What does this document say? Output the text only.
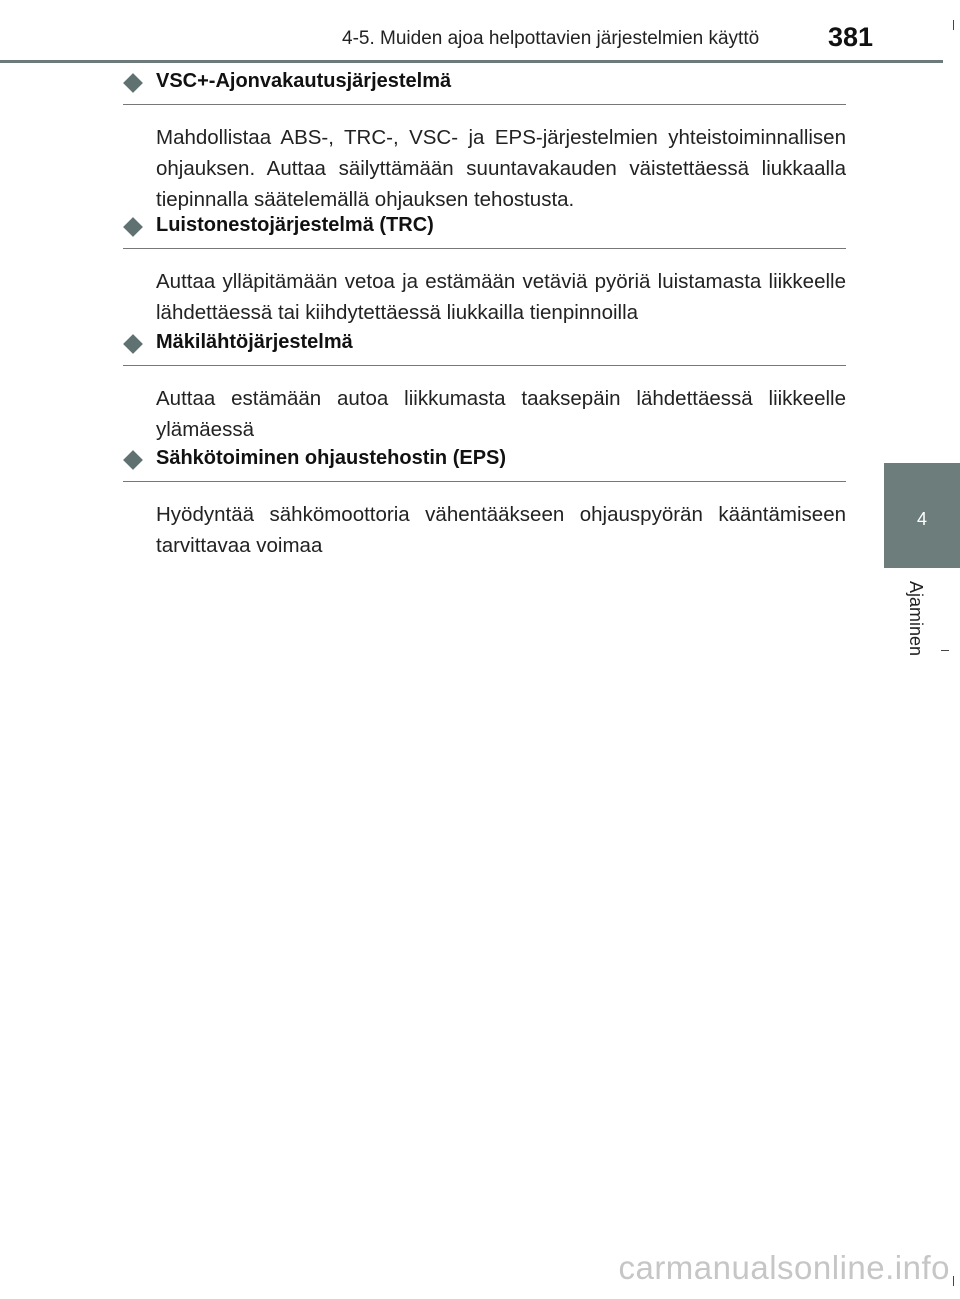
4-5. Muiden ajoa helpottavien järjestelmien käyttö	381
4
Ajaminen
VSC+-Ajonvakautusjärjestelmä

Mahdollistaa ABS-, TRC-, VSC- ja EPS-järjestelmien yhteistoiminnallisen ohjauksen. Auttaa säilyttämään suuntavakauden väistettäessä liukkaalla tiepinnalla säätelemällä ohjauksen tehostusta.

Luistonestojärjestelmä (TRC)

Auttaa ylläpitämään vetoa ja estämään vetäviä pyöriä luistamasta liikkeelle lähdettäessä tai kiihdytettäessä liukkailla tienpinnoilla

Mäkilähtöjärjestelmä

Auttaa estämään autoa liikkumasta taaksepäin lähdettäessä liikkeelle ylämäessä

Sähkötoiminen ohjaustehostin (EPS)

Hyödyntää sähkömoottoria vähentääkseen ohjauspyörän kääntämiseen tarvittavaa voimaa

carmanualsonline.info
